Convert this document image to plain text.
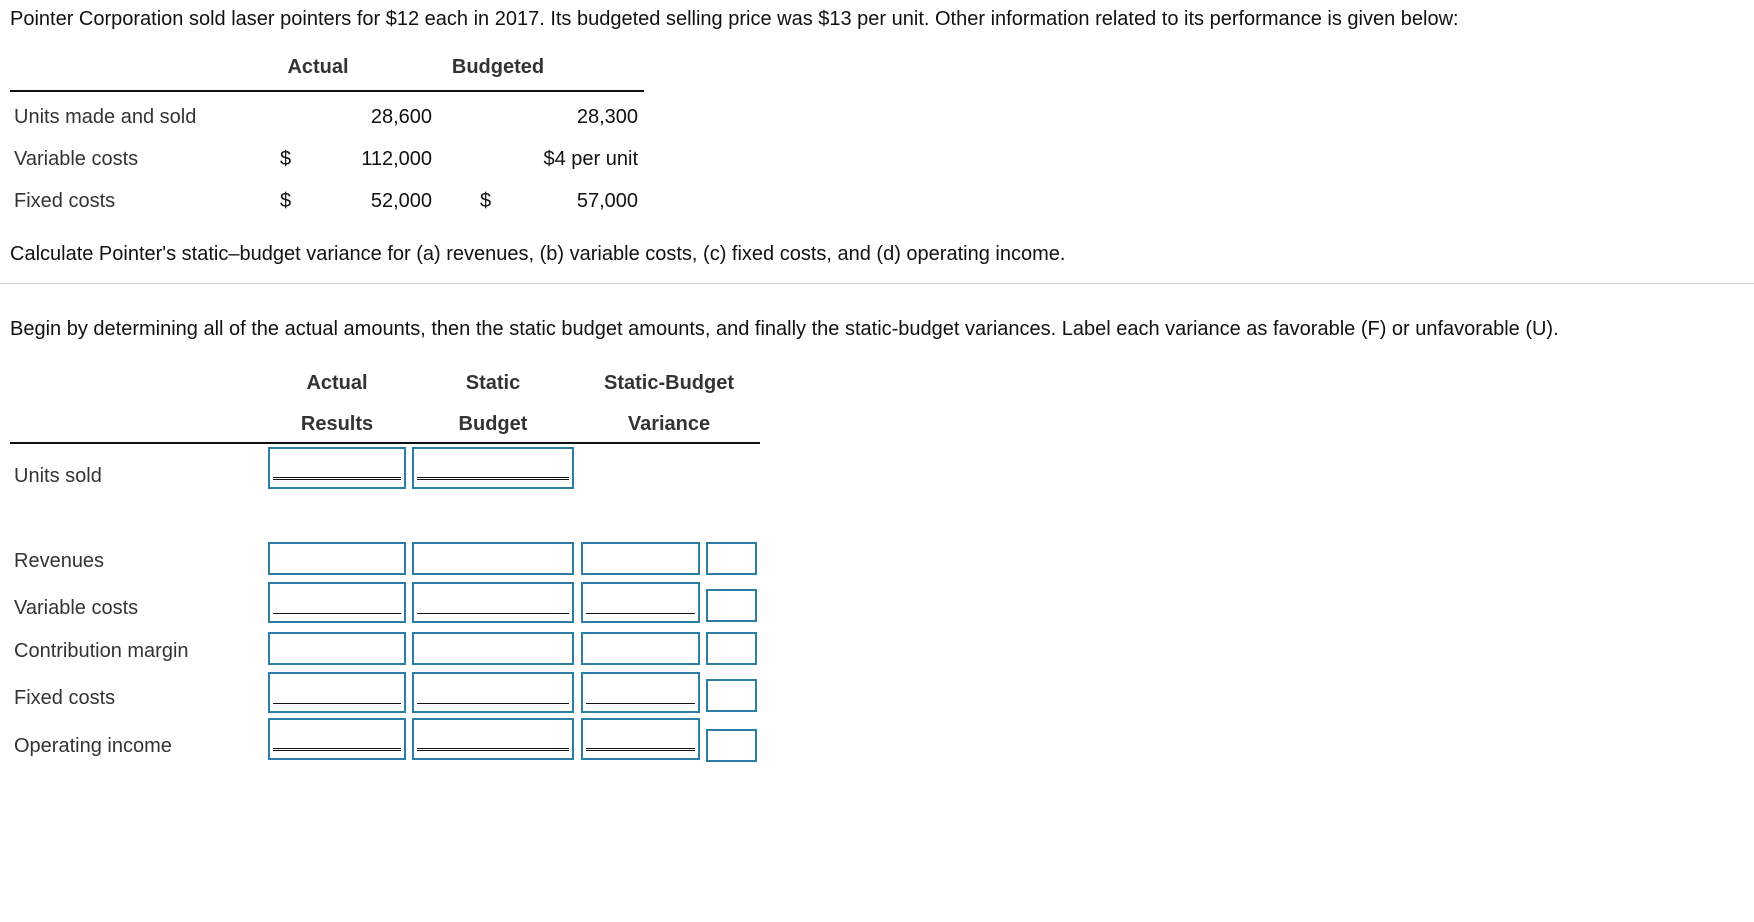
Pointer Corporation sold laser pointers for $12 each in 2017. Its budgeted selling price was $13 per unit. Other information related to its performance is given below:
Actual	Budgeted
Units made and sold	28,600	28,300
Variable costs	$	112,000	$4 per unit
Fixed costs	$	52,000 $	57,000
Calculate Pointer's static–budget variance for (a) revenues, (b) variable costs, (c) fixed costs, and (d) operating income.
Begin by determining all of the actual amounts, then the static budget amounts, and finally the static-budget variances. Label each variance as favorable (F) or unfavorable (U).
Actual	Static	Static-Budget
Results	Budget	Variance
Units sold
Revenues
Variable costs
Contribution margin
Fixed costs
Operating income
